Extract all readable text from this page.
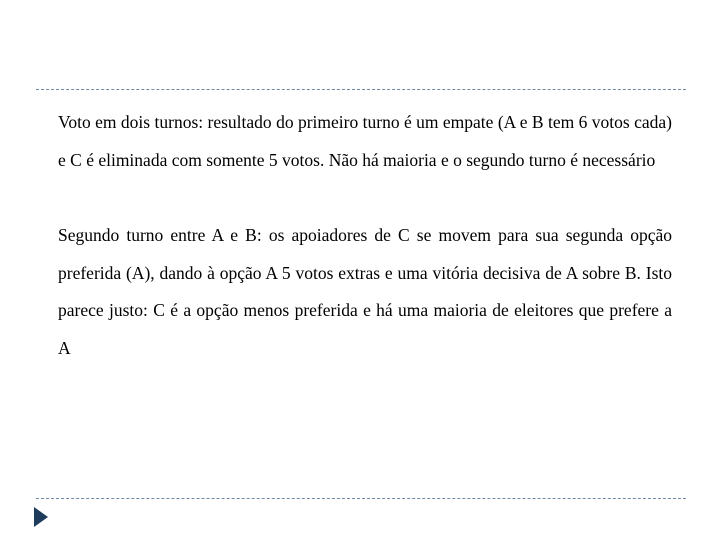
Voto em dois turnos: resultado do primeiro turno é um empate (A e B tem 6 votos cada) e C é eliminada com somente 5 votos. Não há maioria e o segundo turno é necessário

Segundo turno entre A e B: os apoiadores de C se movem para sua segunda opção preferida (A), dando à opção A 5 votos extras e uma vitória decisiva de A sobre B. Isto parece justo: C é a opção menos preferida e há uma maioria de eleitores que prefere a A
